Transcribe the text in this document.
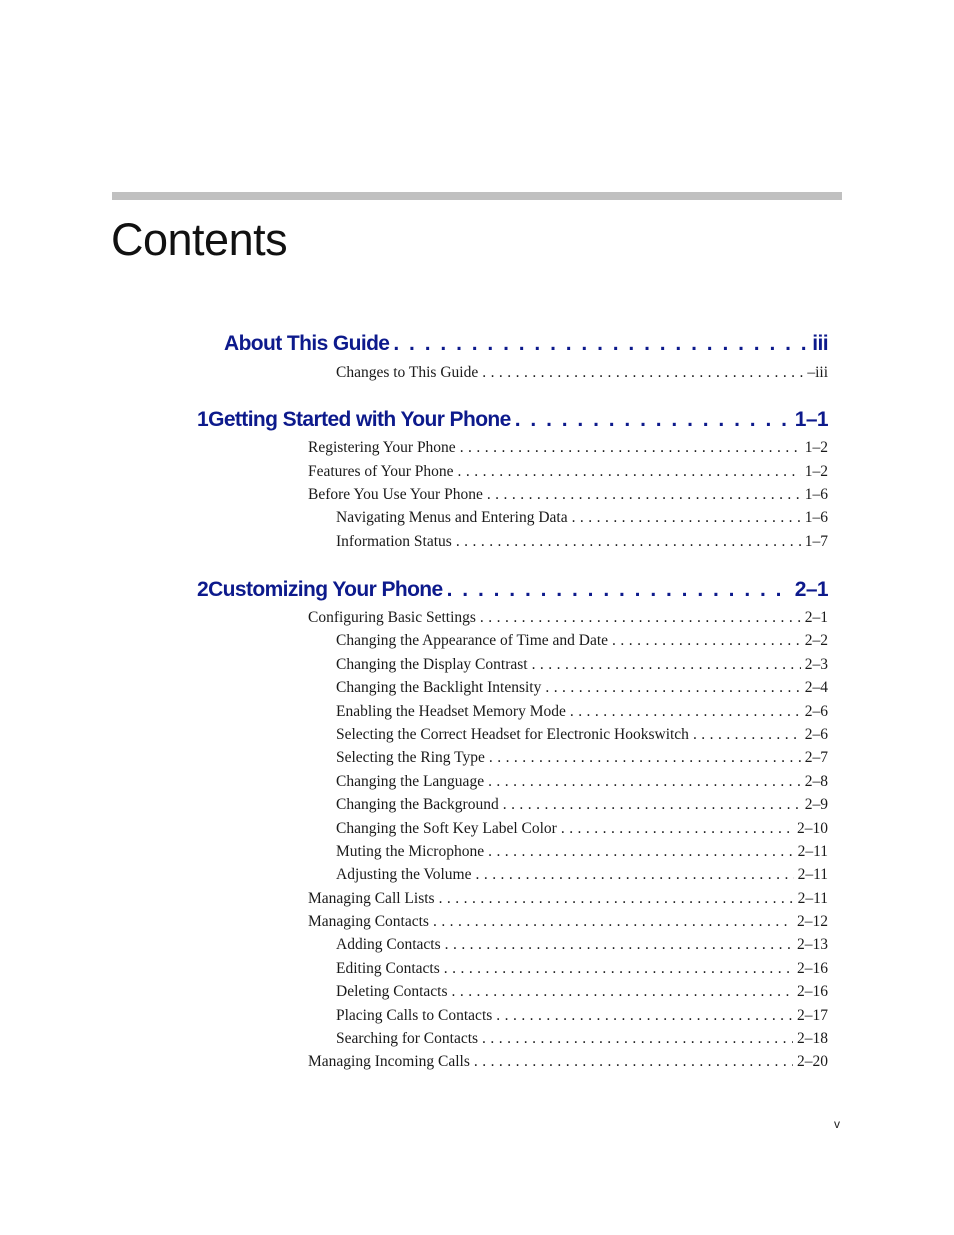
Contents
About This Guide . . .	iii
Changes to This Guide . . .	–iii
1 Getting Started with Your Phone . . .	1–1
Registering Your Phone . . .	1–2
Features of Your Phone . . .	1–2
Before You Use Your Phone . . .	1–6
Navigating Menus and Entering Data . . .	1–6
Information Status . . .	1–7
2 Customizing Your Phone . . .	2–1
Configuring Basic Settings . . .	2–1
Changing the Appearance of Time and Date . . .	2–2
Changing the Display Contrast . . .	2–3
Changing the Backlight Intensity . . .	2–4
Enabling the Headset Memory Mode . . .	2–6
Selecting the Correct Headset for Electronic Hookswitch . . .	2–6
Selecting the Ring Type . . .	2–7
Changing the Language . . .	2–8
Changing the Background . . .	2–9
Changing the Soft Key Label Color . . .	2–10
Muting the Microphone . . .	2–11
Adjusting the Volume . . .	2–11
Managing Call Lists . . .	2–11
Managing Contacts . . .	2–12
Adding Contacts . . .	2–13
Editing Contacts . . .	2–16
Deleting Contacts . . .	2–16
Placing Calls to Contacts . . .	2–17
Searching for Contacts . . .	2–18
Managing Incoming Calls . . .	2–20
v
